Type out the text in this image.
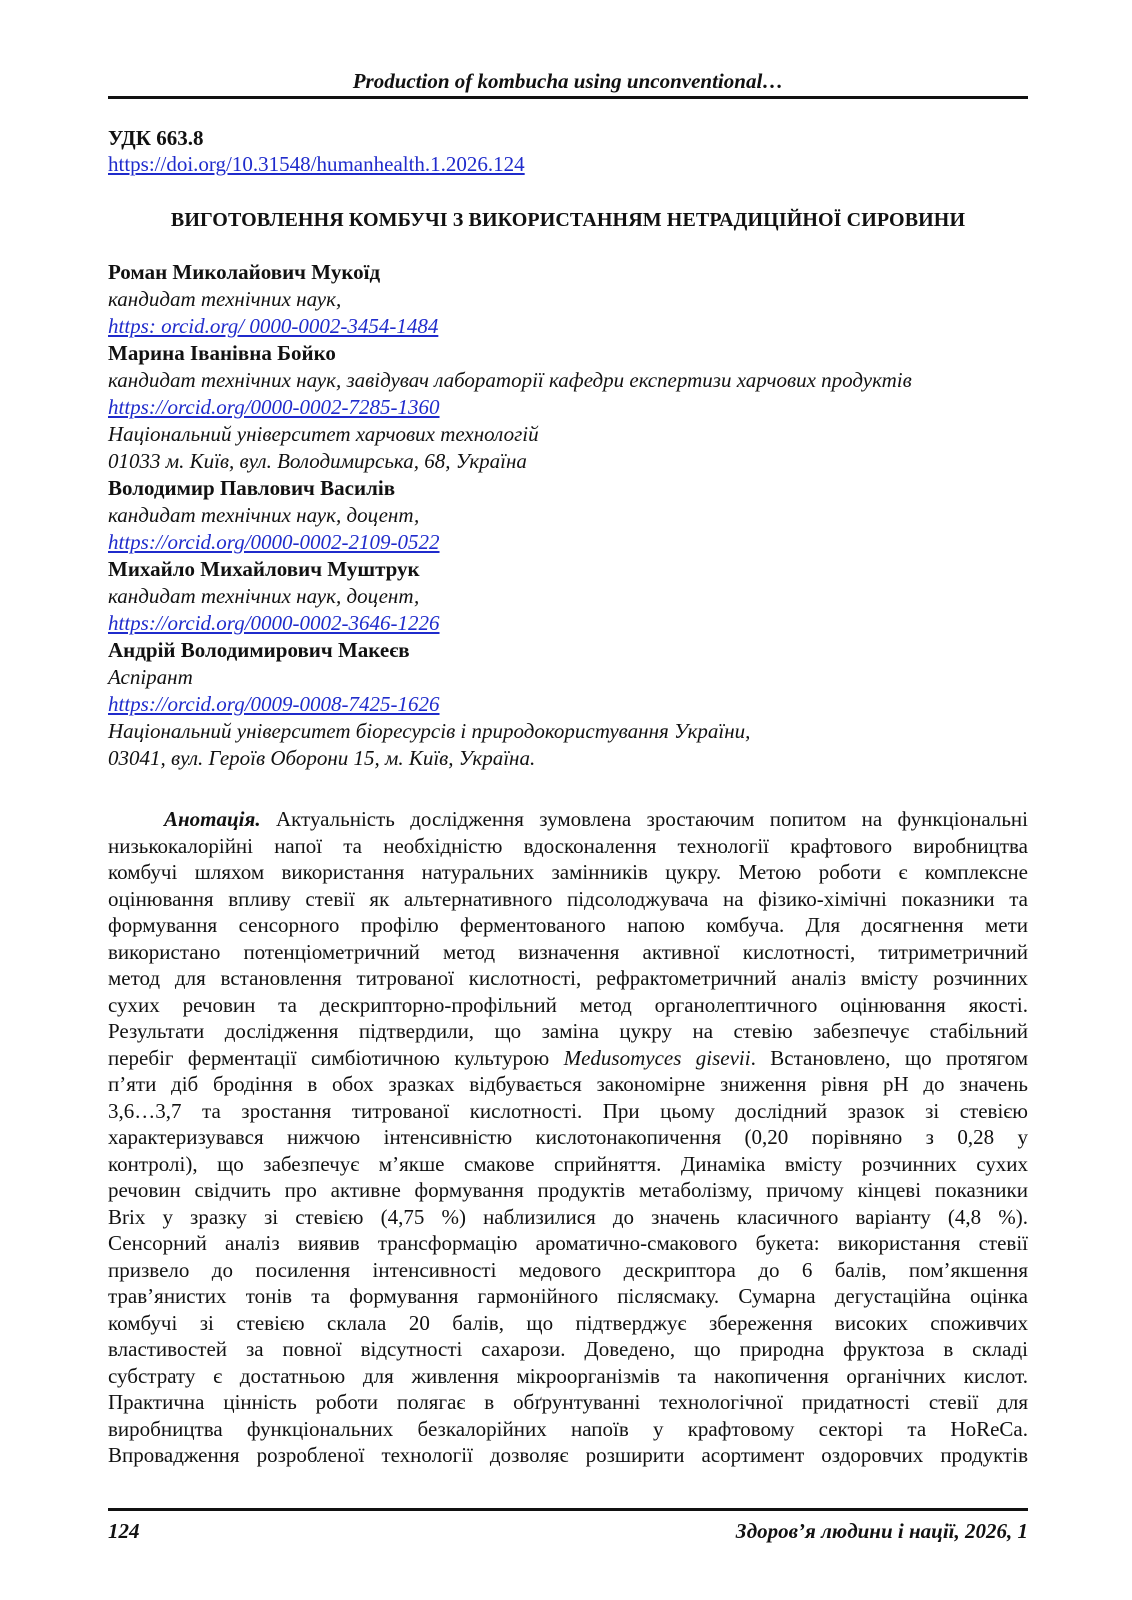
Production of kombucha using unconventional…
УДК 663.8
https://doi.org/10.31548/humanhealth.1.2026.124
ВИГОТОВЛЕННЯ КОМБУЧІ З ВИКОРИСТАННЯМ НЕТРАДИЦІЙНОЇ СИРОВИНИ
Роман Миколайович Мукоїд
кандидат технічних наук,
https: orcid.org/ 0000-0002-3454-1484
Марина Іванівна Бойко
кандидат технічних наук, завідувач лабораторії кафедри експертизи харчових продуктів
https://orcid.org/0000-0002-7285-1360
Національний університет харчових технологій
01033 м. Київ, вул. Володимирська, 68, Україна
Володимир Павлович Василів
кандидат технічних наук, доцент,
https://orcid.org/0000-0002-2109-0522
Михайло Михайлович Муштрук
кандидат технічних наук, доцент,
https://orcid.org/0000-0002-3646-1226
Андрій Володимирович Макеєв
Аспірант
https://orcid.org/0009-0008-7425-1626
Національний університет біоресурсів і природокористування України,
03041, вул. Героїв Оборони 15, м. Київ, Україна.
Анотація. Актуальність дослідження зумовлена зростаючим попитом на функціональні
низькокалорійні напої та необхідністю вдосконалення технології крафтового виробництва
комбучі шляхом використання натуральних замінників цукру. Метою роботи є комплексне
оцінювання впливу стевії як альтернативного підсолоджувача на фізико-хімічні показники та
формування сенсорного профілю ферментованого напою комбуча. Для досягнення мети
використано потенціометричний метод визначення активної кислотності, титриметричний
метод для встановлення титрованої кислотності, рефрактометричний аналіз вмісту розчинних
сухих речовин та дескрипторно-профільний метод органолептичного оцінювання якості.
Результати дослідження підтвердили, що заміна цукру на стевію забезпечує стабільний
перебіг ферментації симбіотичною культурою Medusomyces gisevii. Встановлено, що протягом
п’яти діб бродіння в обох зразках відбувається закономірне зниження рівня рН до значень
3,6…3,7 та зростання титрованої кислотності. При цьому дослідний зразок зі стевією
характеризувався нижчою інтенсивністю кислотонакопичення (0,20 порівняно з 0,28 у
контролі), що забезпечує м’якше смакове сприйняття. Динаміка вмісту розчинних сухих
речовин свідчить про активне формування продуктів метаболізму, причому кінцеві показники
Brix у зразку зі стевією (4,75 %) наблизилися до значень класичного варіанту (4,8 %).
Сенсорний аналіз виявив трансформацію ароматично-смакового букета: використання стевії
призвело до посилення інтенсивності медового дескриптора до 6 балів, пом’якшення
трав’янистих тонів та формування гармонійного післясмаку. Сумарна дегустаційна оцінка
комбучі зі стевією склала 20 балів, що підтверджує збереження високих споживчих
властивостей за повної відсутності сахарози. Доведено, що природна фруктоза в складі
субстрату є достатньою для живлення мікроорганізмів та накопичення органічних кислот.
Практична цінність роботи полягає в обґрунтуванні технологічної придатності стевії для
виробництва функціональних безкалорійних напоїв у крафтовому секторі та HoReCa.
Впровадження розробленої технології дозволяє розширити асортимент оздоровчих продуктів
124	Здоров’я людини і нації, 2026, 1
